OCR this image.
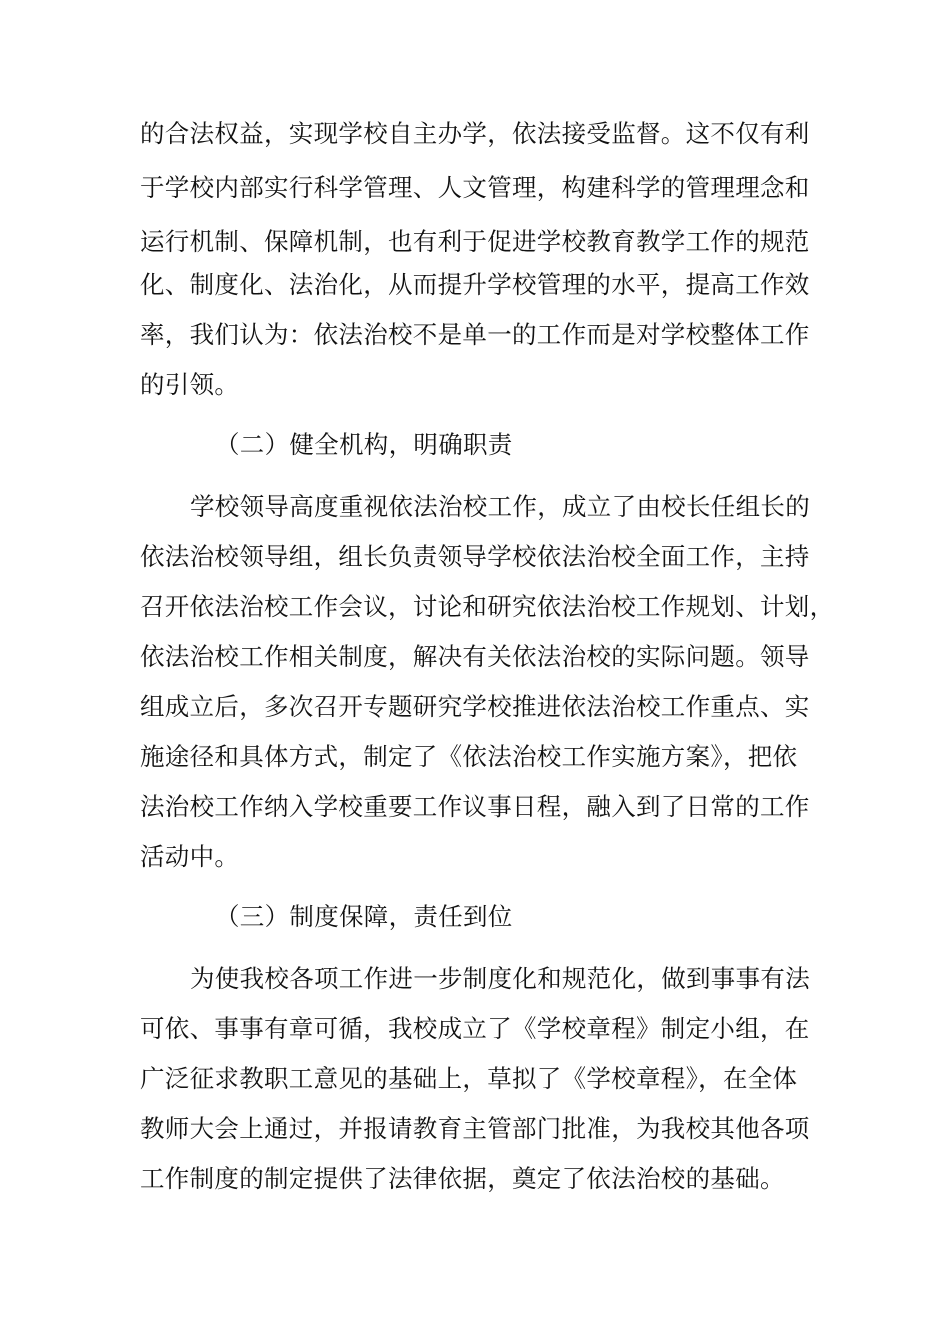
的合法权益，实现学校自主办学，依法接受监督。这不仅有利
于学校内部实行科学管理、人文管理，构建科学的管理理念和
运行机制、保障机制，也有利于促进学校教育教学工作的规范
化、制度化、法治化，从而提升学校管理的水平，提高工作效
率，我们认为：依法治校不是单一的工作而是对学校整体工作
的引领。
（二）健全机构，明确职责
学校领导高度重视依法治校工作，成立了由校长任组长的
依法治校领导组，组长负责领导学校依法治校全面工作，主持
召开依法治校工作会议，讨论和研究依法治校工作规划、计划，
依法治校工作相关制度，解决有关依法治校的实际问题。领导
组成立后，多次召开专题研究学校推进依法治校工作重点、实
施途径和具体方式，制定了《依法治校工作实施方案》，把依
法治校工作纳入学校重要工作议事日程，融入到了日常的工作
活动中。
（三）制度保障，责任到位
为使我校各项工作进一步制度化和规范化，做到事事有法
可依、事事有章可循，我校成立了《学校章程》制定小组，在
广泛征求教职工意见的基础上，草拟了《学校章程》，在全体
教师大会上通过，并报请教育主管部门批准，为我校其他各项
工作制度的制定提供了法律依据，奠定了依法治校的基础。
